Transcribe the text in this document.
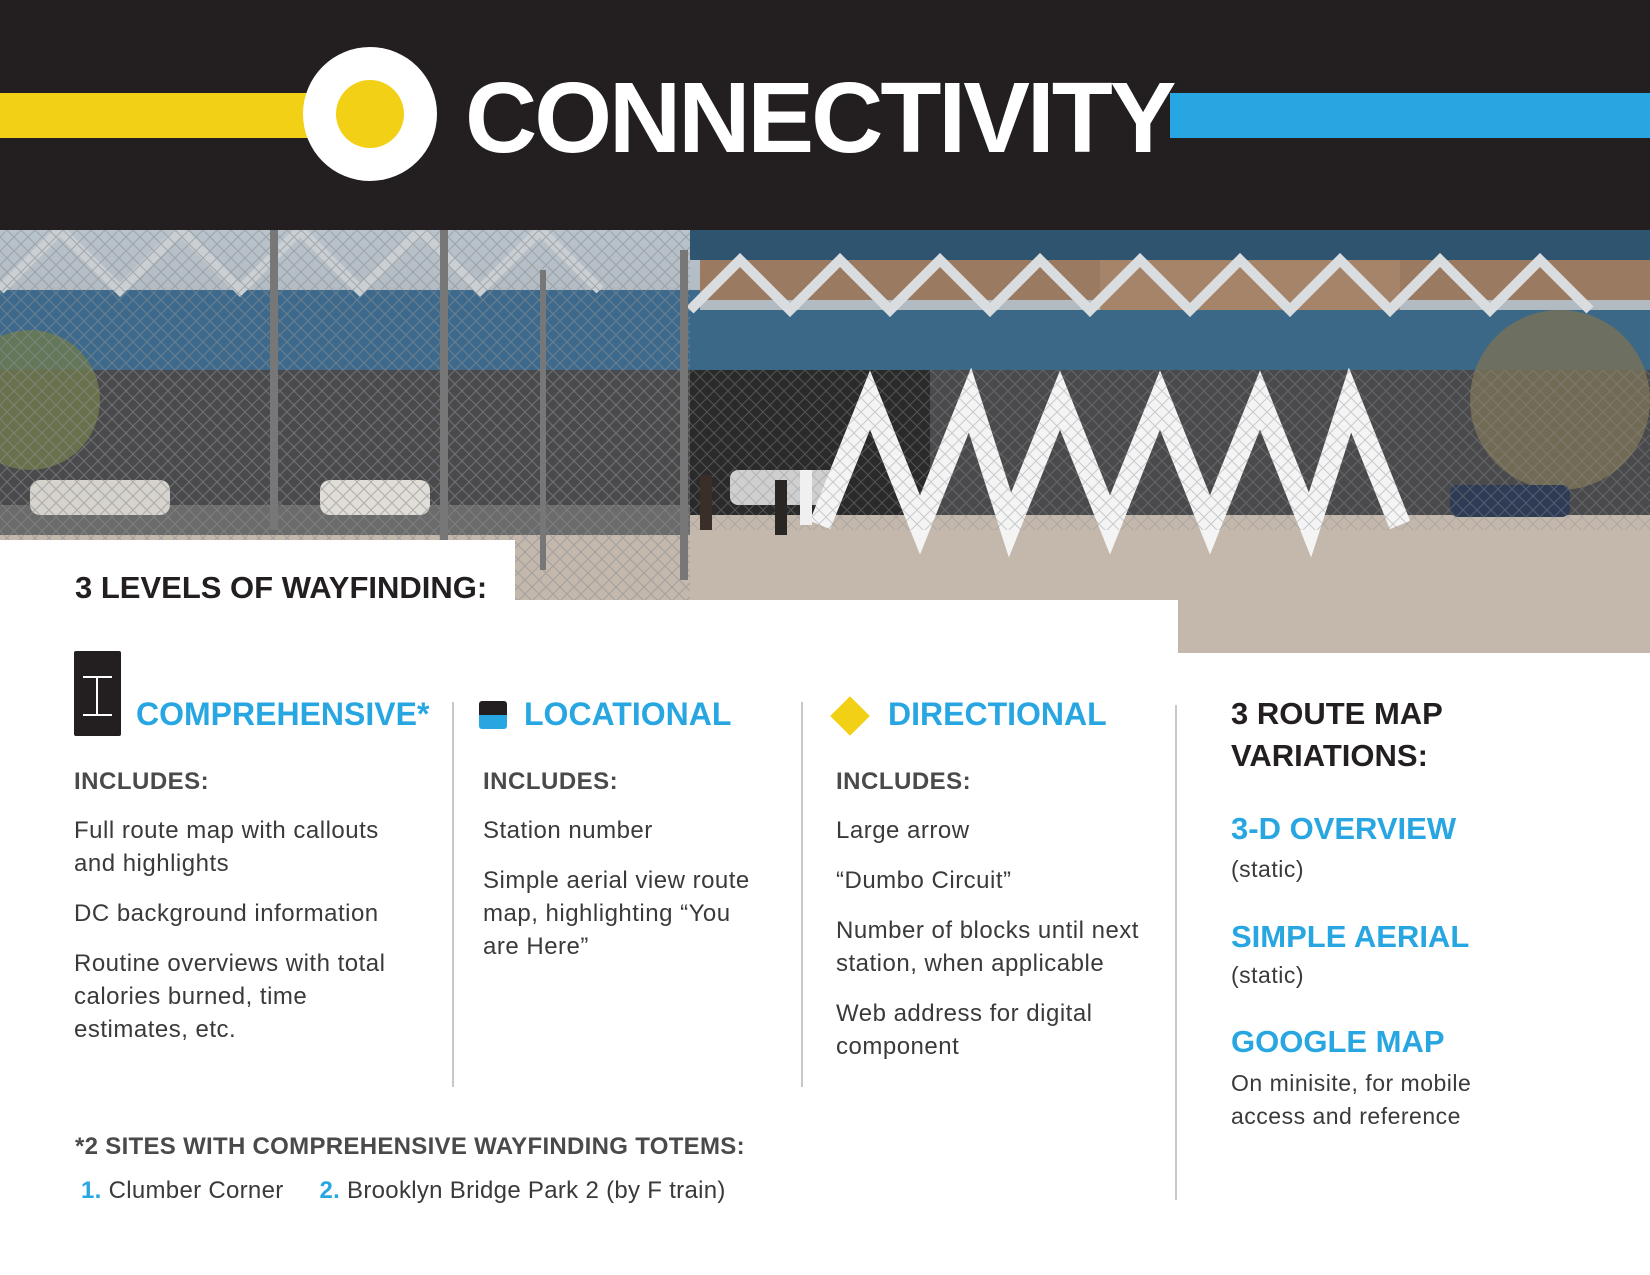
CONNECTIVITY
3 LEVELS OF WAYFINDING:
COMPREHENSIVE*
INCLUDES:
Full route map with callouts and highlights
DC background information
Routine overviews with total calories burned, time estimates, etc.
LOCATIONAL
INCLUDES:
Station number
Simple aerial view route map, highlighting “You are Here”
DIRECTIONAL
INCLUDES:
Large arrow
“Dumbo Circuit”
Number of blocks until next station, when applicable
Web address for digital component
3 ROUTE MAP
VARIATIONS:
3-D OVERVIEW
(static)
SIMPLE AERIAL
(static)
GOOGLE MAP
On minisite, for mobile access and reference
*2 SITES WITH COMPREHENSIVE WAYFINDING TOTEMS:
1. Clumber Corner 2. Brooklyn Bridge Park 2 (by F train)
